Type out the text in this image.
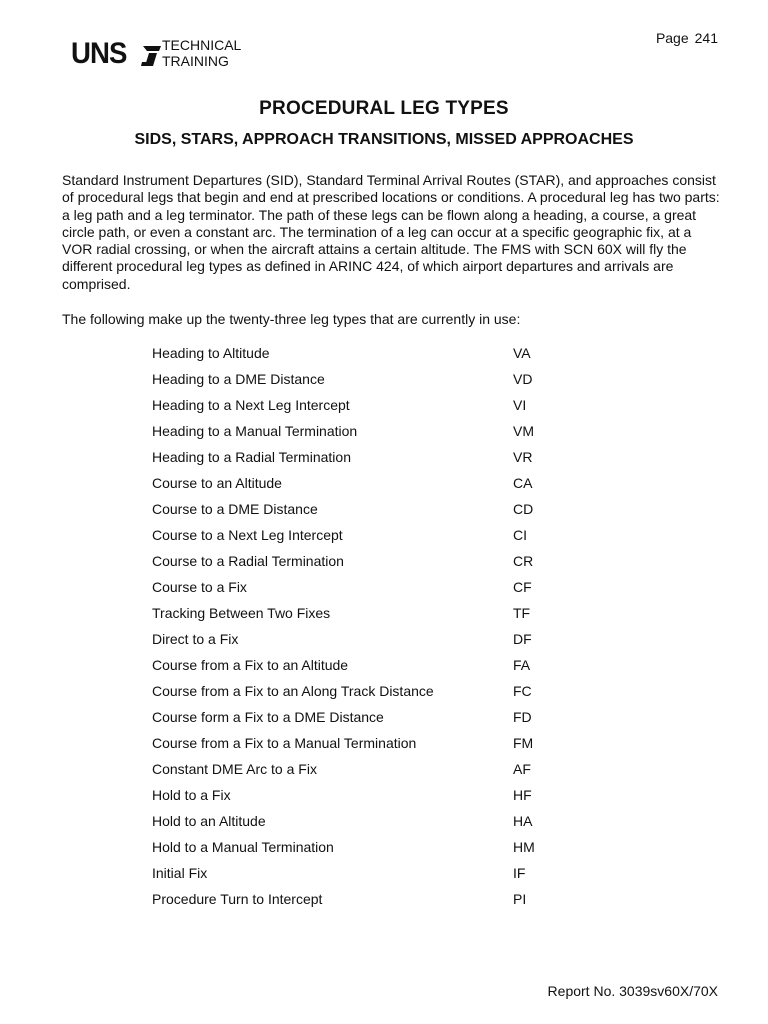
UNS	TECHNICAL
TRAINING
Page 241
PROCEDURAL LEG TYPES
SIDS, STARS, APPROACH TRANSITIONS, MISSED APPROACHES

Standard Instrument Departures (SID), Standard Terminal Arrival Routes (STAR), and approaches consist of procedural legs that begin and end at prescribed locations or conditions. A procedural leg has two parts: a leg path and a leg terminator. The path of these legs can be flown along a heading, a course, a great circle path, or even a constant arc. The termination of a leg can occur at a specific geographic fix, at a VOR radial crossing, or when the aircraft attains a certain altitude. The FMS with SCN 60X will fly the different procedural leg types as defined in ARINC 424, of which airport departures and arrivals are comprised.

The following make up the twenty-three leg types that are currently in use:

Heading to Altitude	VA
Heading to a DME Distance	VD
Heading to a Next Leg Intercept	VI
Heading to a Manual Termination	VM
Heading to a Radial Termination	VR
Course to an Altitude	CA
Course to a DME Distance	CD
Course to a Next Leg Intercept	CI
Course to a Radial Termination	CR
Course to a Fix	CF
Tracking Between Two Fixes	TF
Direct to a Fix	DF
Course from a Fix to an Altitude	FA
Course from a Fix to an Along Track Distance	FC
Course form a Fix to a DME Distance	FD
Course from a Fix to a Manual Termination	FM
Constant DME Arc to a Fix	AF
Hold to a Fix	HF
Hold to an Altitude	HA
Hold to a Manual Termination	HM
Initial Fix	IF
Procedure Turn to Intercept	PI
Report No. 3039sv60X/70X
